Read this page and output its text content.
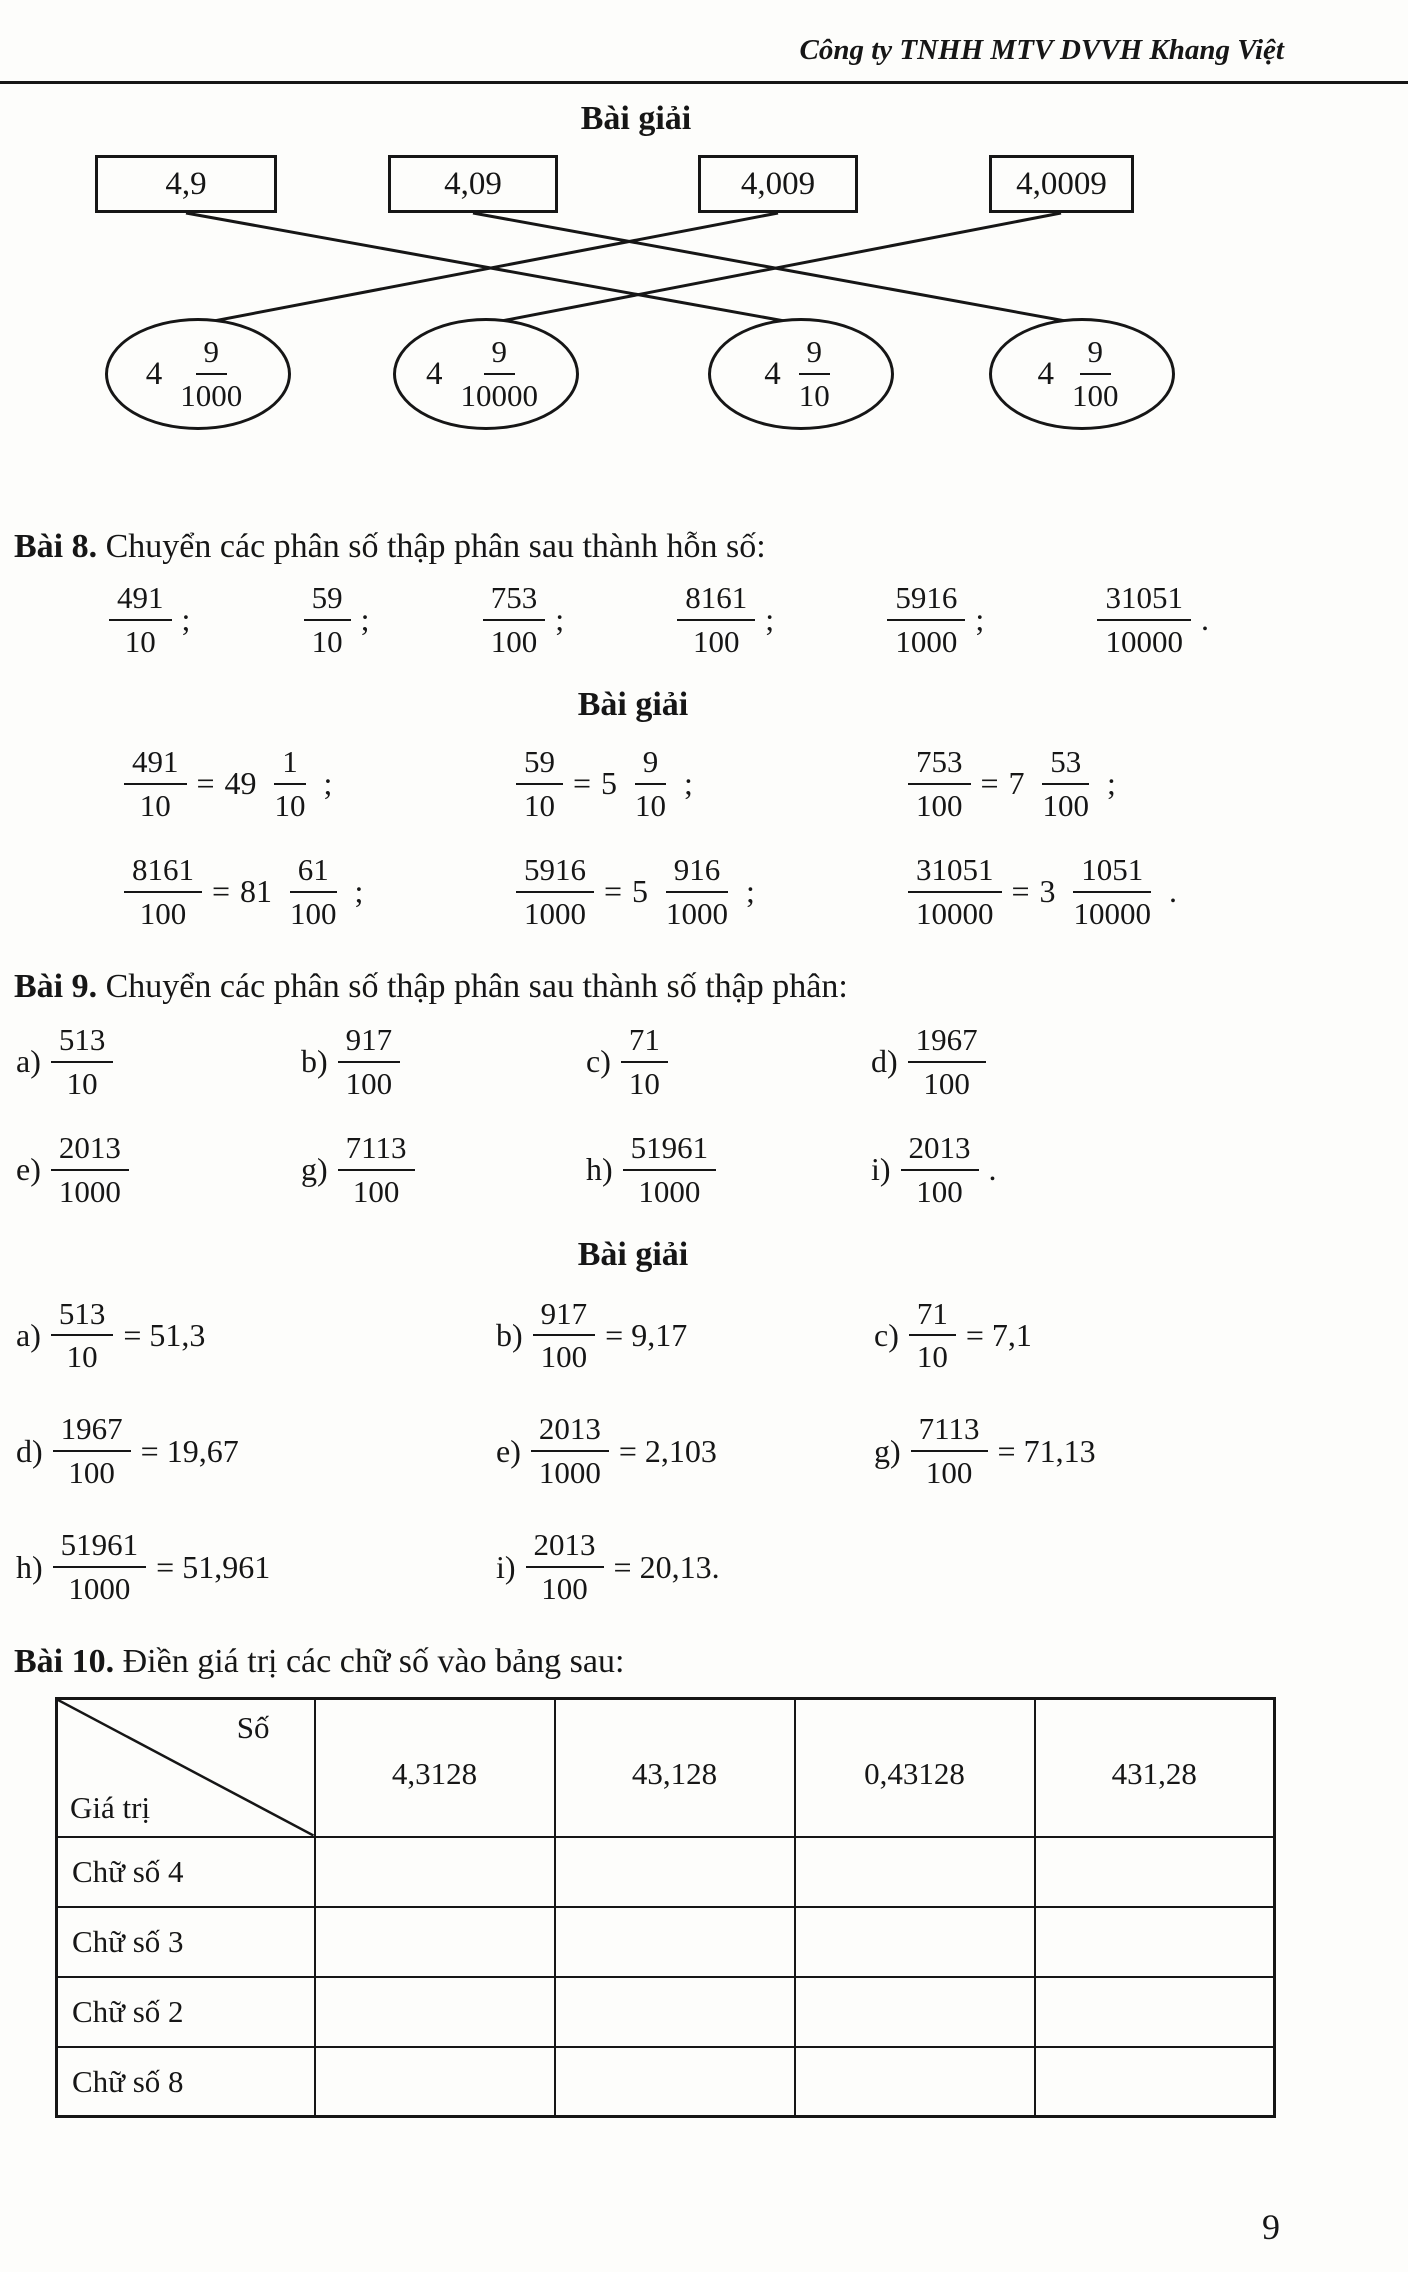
Công ty TNHH MTV DVVH Khang Việt
Bài giải
4,9	4,09	4,009	4,0009
$4 \frac{9}{1000}$	$4 \frac{9}{10000}$	$4 \frac{9}{10}$	$4 \frac{9}{100}$

Bài 8. Chuyển các phân số thập phân sau thành hỗn số:

$\frac{491}{10}$ ;	$\frac{59}{10}$ ;	$\frac{753}{100}$ ;	$\frac{8161}{100}$ ;	$\frac{5916}{1000}$ ;	$\frac{31051}{10000}$ .
Bài giải
$\frac{491}{10} = 49 \frac{1}{10}$ ;	$\frac{59}{10} = 5 \frac{9}{10}$ ;	$\frac{753}{100} = 7 \frac{53}{100}$ ;
$\frac{8161}{100} = 81 \frac{61}{100}$ ;	$\frac{5916}{1000} = 5 \frac{916}{1000}$ ;	$\frac{31051}{10000} = 3 \frac{1051}{10000}$ .

Bài 9. Chuyển các phân số thập phân sau thành số thập phân:

$a) \frac{513}{10}$	$b) \frac{917}{100}$	$c) \frac{71}{10}$	$d) \frac{1967}{100}$
$e) \frac{2013}{1000}$	$g) \frac{7113}{100}$	$h) \frac{51961}{1000}$	$i) \frac{2013}{100}$ .
Bài giải
$a) \frac{513}{10} = 51,3$	$b) \frac{917}{100} = 9,17$	$c) \frac{71}{10} = 7,1$
$d) \frac{1967}{100} = 19,67$	$e) \frac{2013}{1000} = 2,103$	$g) \frac{7113}{100} = 71,13$
$h) \frac{51961}{1000} = 51,961$	$i) \frac{2013}{100} = 20,13$.

Bài 10. Điền giá trị các chữ số vào bảng sau:

Số
Giá trị	4,3128	43,128	0,43128	431,28
Chữ số 4				
Chữ số 3				
Chữ số 2				
Chữ số 8				
9
